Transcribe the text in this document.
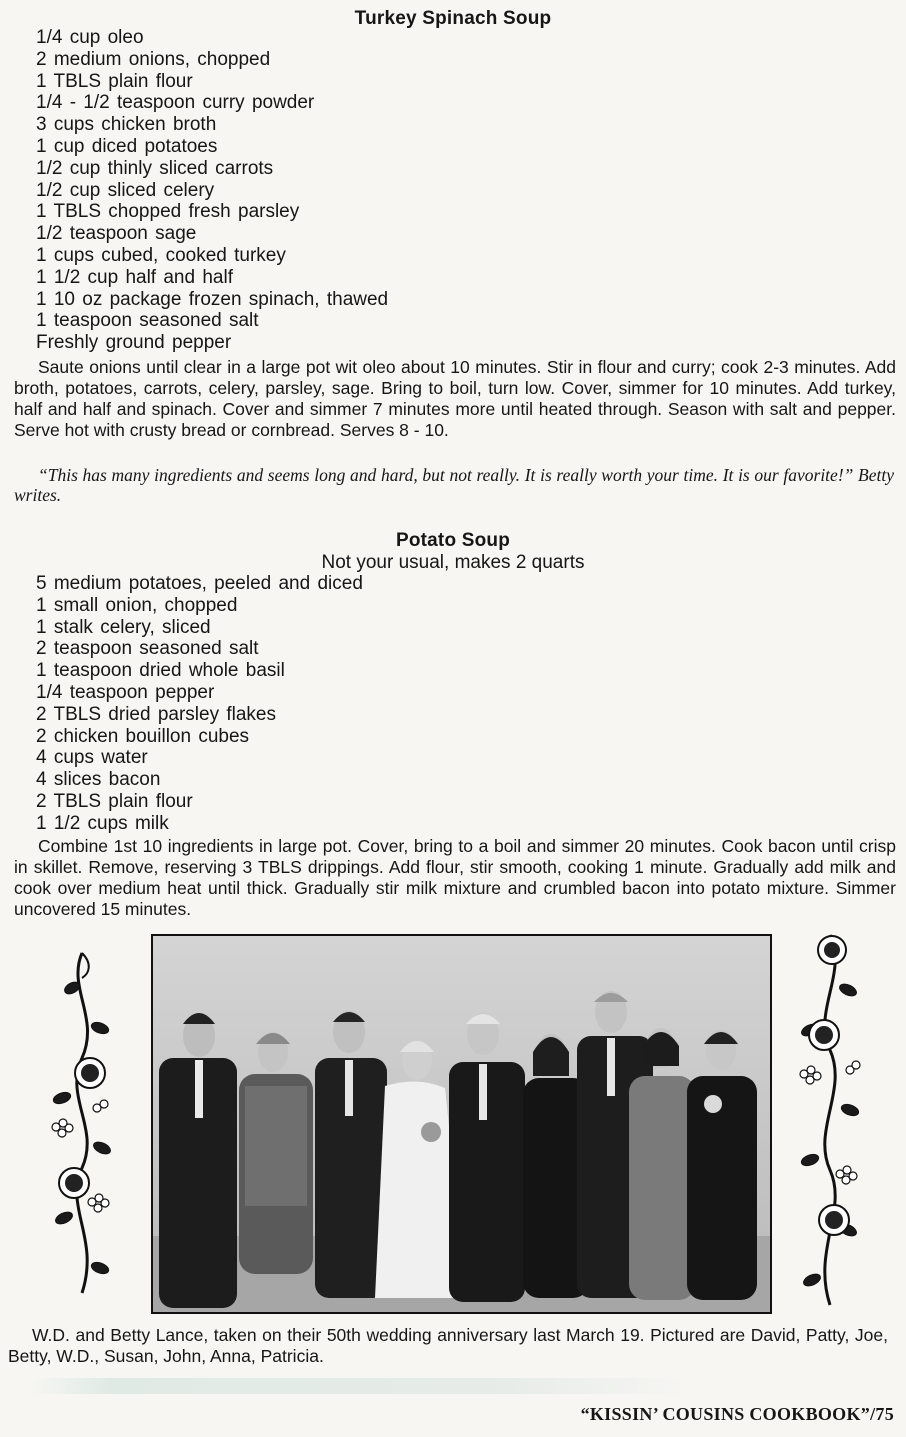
Turkey Spinach Soup
1/4 cup oleo
2 medium onions, chopped
1 TBLS plain flour
1/4 - 1/2 teaspoon curry powder
3 cups chicken broth
1 cup diced potatoes
1/2 cup thinly sliced carrots
1/2 cup sliced celery
1 TBLS chopped fresh parsley
1/2 teaspoon sage
1 cups cubed, cooked turkey
1 1/2 cup half and half
1 10 oz package frozen spinach, thawed
1 teaspoon seasoned salt
Freshly ground pepper

Saute onions until clear in a large pot wit oleo about 10 minutes. Stir in flour and curry; cook 2-3 minutes. Add broth, potatoes, carrots, celery, parsley, sage. Bring to boil, turn low. Cover, simmer for 10 minutes. Add turkey, half and half and spinach. Cover and simmer 7 minutes more until heated through. Season with salt and pepper. Serve hot with crusty bread or cornbread. Serves 8 - 10.

“This has many ingredients and seems long and hard, but not really. It is really worth your time. It is our favorite!” Betty writes.

Potato Soup
Not your usual, makes 2 quarts
5 medium potatoes, peeled and diced
1 small onion, chopped
1 stalk celery, sliced
2 teaspoon seasoned salt
1 teaspoon dried whole basil
1/4 teaspoon pepper
2 TBLS dried parsley flakes
2 chicken bouillon cubes
4 cups water
4 slices bacon
2 TBLS plain flour
1 1/2 cups milk

Combine 1st 10 ingredients in large pot. Cover, bring to a boil and simmer 20 minutes. Cook bacon until crisp in skillet. Remove, reserving 3 TBLS drippings. Add flour, stir smooth, cooking 1 minute. Gradually add milk and cook over medium heat until thick. Gradually stir milk mixture and crumbled bacon into potato mixture. Simmer uncovered 15 minutes.

W.D. and Betty Lance, taken on their 50th wedding anniversary last March 19. Pictured are David, Patty, Joe, Betty, W.D., Susan, John, Anna, Patricia.

“KISSIN’ COUSINS COOKBOOK”/75
